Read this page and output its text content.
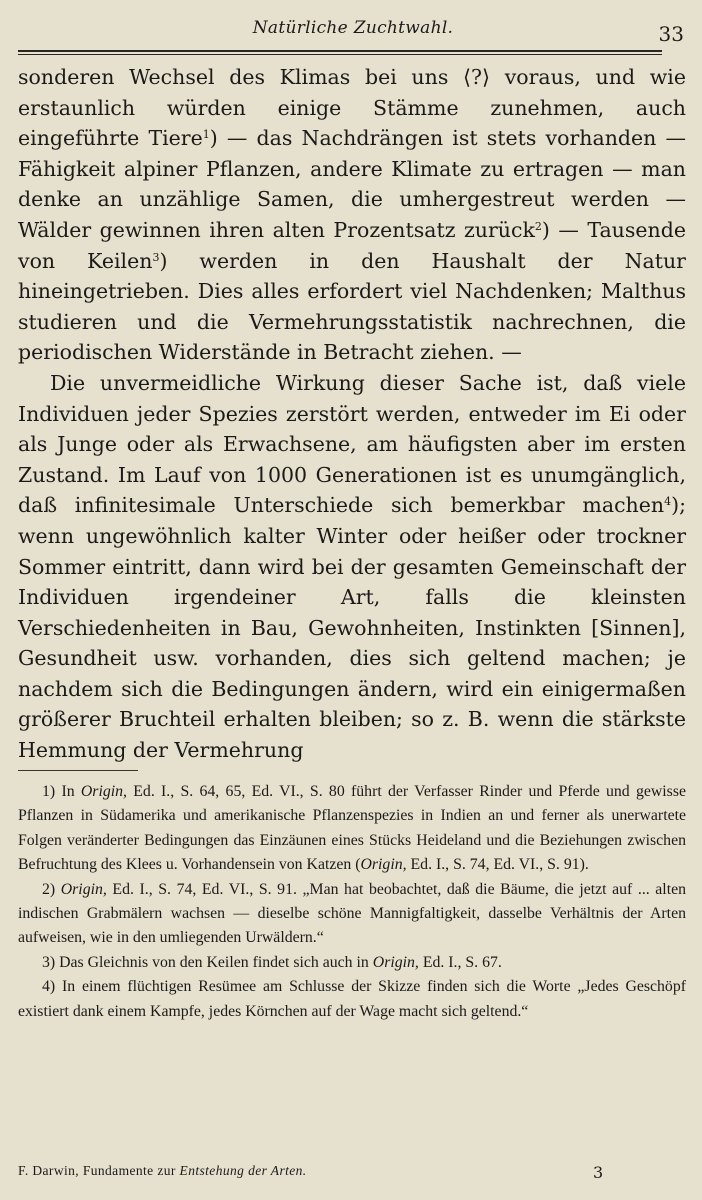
Natürliche Zuchtwahl.	33

sonderen Wechsel des Klimas bei uns ⟨?⟩ voraus, und wie erstaunlich würden einige Stämme zunehmen, auch eingeführte Tiere$^1$) — das Nachdrängen ist stets vorhanden — Fähigkeit alpiner Pflanzen, andere Klimate zu ertragen — man denke an unzählige Samen, die umhergestreut werden — Wälder gewinnen ihren alten Prozentsatz zurück$^2$) — Tausende von Keilen$^3$) werden in den Haushalt der Natur hineingetrieben. Dies alles erfordert viel Nachdenken; Malthus studieren und die Vermehrungsstatistik nachrechnen, die periodischen Widerstände in Betracht ziehen. —

Die unvermeidliche Wirkung dieser Sache ist, daß viele Individuen jeder Spezies zerstört werden, entweder im Ei oder als Junge oder als Erwachsene, am häufigsten aber im ersten Zustand. Im Lauf von 1000 Generationen ist es unumgänglich, daß infinitesimale Unterschiede sich bemerkbar machen$^4$); wenn ungewöhnlich kalter Winter oder heißer oder trockner Sommer eintritt, dann wird bei der gesamten Gemeinschaft der Individuen irgendeiner Art, falls die kleinsten Verschiedenheiten in Bau, Gewohnheiten, Instinkten [Sinnen], Gesundheit usw. vorhanden, dies sich geltend machen; je nachdem sich die Bedingungen ändern, wird ein einigermaßen größerer Bruchteil erhalten bleiben; so z. B. wenn die stärkste Hemmung der Vermehrung

1) In Origin, Ed. I., S. 64, 65, Ed. VI., S. 80 führt der Verfasser Rinder und Pferde und gewisse Pflanzen in Südamerika und amerikanische Pflanzenspezies in Indien an und ferner als unerwartete Folgen veränderter Bedingungen das Einzäunen eines Stücks Heideland und die Beziehungen zwischen Befruchtung des Klees u. Vorhandensein von Katzen (Origin, Ed. I., S. 74, Ed. VI., S. 91).

2) Origin, Ed. I., S. 74, Ed. VI., S. 91. „Man hat beobachtet, daß die Bäume, die jetzt auf ... alten indischen Grabmälern wachsen — dieselbe schöne Mannigfaltigkeit, dasselbe Verhältnis der Arten aufweisen, wie in den umliegenden Urwäldern.“

3) Das Gleichnis von den Keilen findet sich auch in Origin, Ed. I., S. 67.

4) In einem flüchtigen Resümee am Schlusse der Skizze finden sich die Worte „Jedes Geschöpf existiert dank einem Kampfe, jedes Körnchen auf der Wage macht sich geltend.“

F. Darwin, Fundamente zur Entstehung der Arten.	3
